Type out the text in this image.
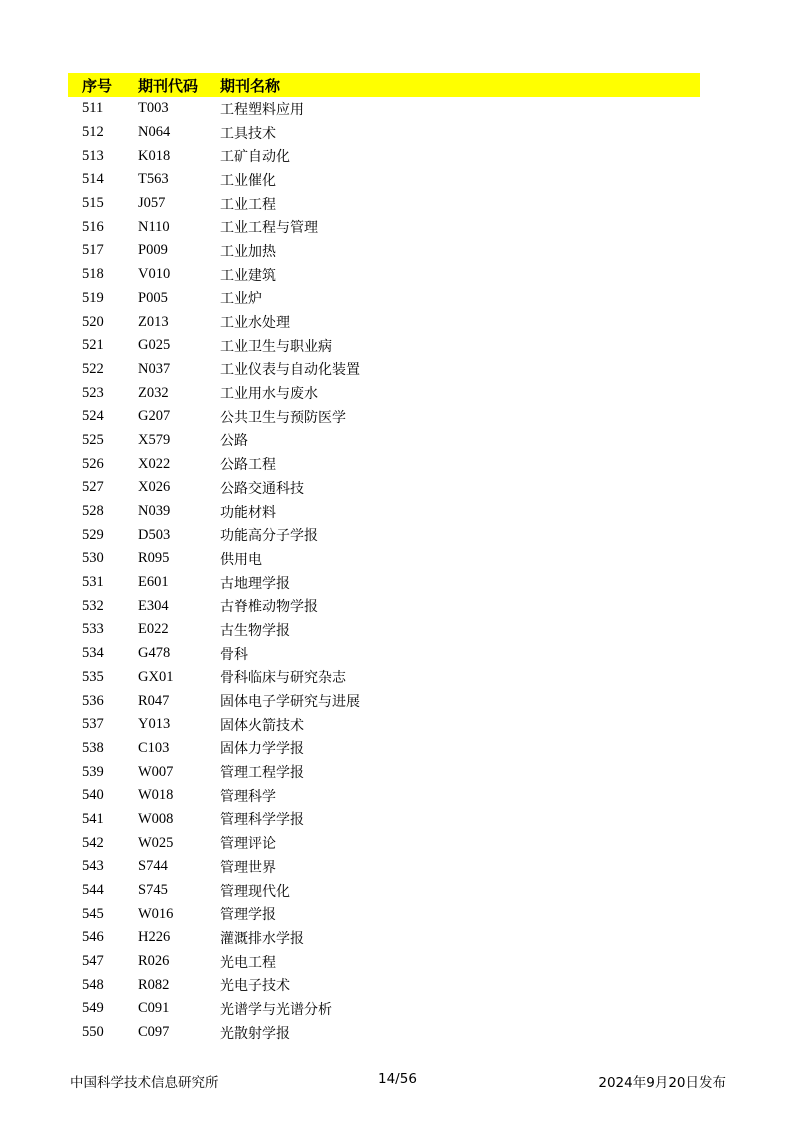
序号	期刊代码	期刊名称
511	T003	工程塑料应用
512	N064	工具技术
513	K018	工矿自动化
514	T563	工业催化
515	J057	工业工程
516	N110	工业工程与管理
517	P009	工业加热
518	V010	工业建筑
519	P005	工业炉
520	Z013	工业水处理
521	G025	工业卫生与职业病
522	N037	工业仪表与自动化装置
523	Z032	工业用水与废水
524	G207	公共卫生与预防医学
525	X579	公路
526	X022	公路工程
527	X026	公路交通科技
528	N039	功能材料
529	D503	功能高分子学报
530	R095	供用电
531	E601	古地理学报
532	E304	古脊椎动物学报
533	E022	古生物学报
534	G478	骨科
535	GX01	骨科临床与研究杂志
536	R047	固体电子学研究与进展
537	Y013	固体火箭技术
538	C103	固体力学学报
539	W007	管理工程学报
540	W018	管理科学
541	W008	管理科学学报
542	W025	管理评论
543	S744	管理世界
544	S745	管理现代化
545	W016	管理学报
546	H226	灌溉排水学报
547	R026	光电工程
548	R082	光电子技术
549	C091	光谱学与光谱分析
550	C097	光散射学报
中国科学技术信息研究所	14/56	2024年9月20日发布
